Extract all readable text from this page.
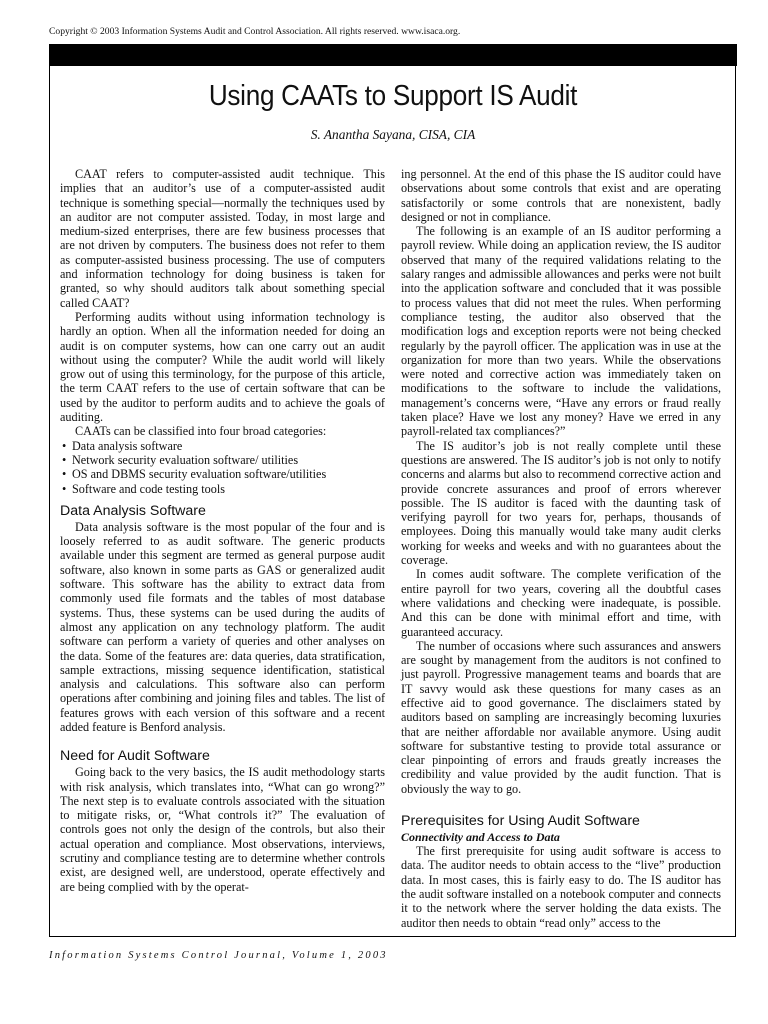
Copyright © 2003 Information Systems Audit and Control Association. All rights reserved. www.isaca.org.
Using CAATs to Support IS Audit
S. Anantha Sayana, CISA, CIA

CAAT refers to computer-assisted audit technique. This implies that an auditor’s use of a computer-assisted audit technique is something special—normally the techniques used by an auditor are not computer assisted. Today, in most large and medium-sized enterprises, there are few business processes that are not driven by computers. The business does not refer to them as computer-assisted business processing. The use of computers and information technology for doing business is taken for granted, so why should auditors talk about something special called CAAT?

Performing audits without using information technology is hardly an option. When all the information needed for doing an audit is on computer systems, how can one carry out an audit without using the computer? While the audit world will likely grow out of using this terminology, for the purpose of this article, the term CAAT refers to the use of certain software that can be used by the auditor to perform audits and to achieve the goals of auditing.

CAATs can be classified into four broad categories:

• Data analysis software
• Network security evaluation software/ utilities
• OS and DBMS security evaluation software/utilities
• Software and code testing tools
Data Analysis Software

Data analysis software is the most popular of the four and is loosely referred to as audit software. The generic products available under this segment are termed as general purpose audit software, also known in some parts as GAS or generalized audit software. This software has the ability to extract data from commonly used file formats and the tables of most database systems. Thus, these systems can be used during the audits of almost any application on any technology platform. The audit software can perform a variety of queries and other analyses on the data. Some of the features are: data queries, data stratification, sample extractions, missing sequence identification, statistical analysis and calculations. This software also can perform operations after combining and joining files and tables. The list of features grows with each version of this software and a recent added feature is Benford analysis.

Need for Audit Software

Going back to the very basics, the IS audit methodology starts with risk analysis, which translates into, “What can go wrong?” The next step is to evaluate controls associated with the situation to mitigate risks, or, “What controls it?” The evaluation of controls goes not only the design of the controls, but also their actual operation and compliance. Most observations, interviews, scrutiny and compliance testing are to determine whether controls exist, are designed well, are understood, operate effectively and are being complied with by the operat-

ing personnel. At the end of this phase the IS auditor could have observations about some controls that exist and are operating satisfactorily or some controls that are nonexistent, badly designed or not in compliance.

The following is an example of an IS auditor performing a payroll review. While doing an application review, the IS auditor observed that many of the required validations relating to the salary ranges and admissible allowances and perks were not built into the application software and concluded that it was possible to process values that did not meet the rules. When performing compliance testing, the auditor also observed that the modification logs and exception reports were not being checked regularly by the payroll officer. The application was in use at the organization for more than two years. While the observations were noted and corrective action was immediately taken on modifications to the software to include the validations, management’s concerns were, “Have any errors or fraud really taken place? Have we lost any money? Have we erred in any payroll-related tax compliances?”

The IS auditor’s job is not really complete until these questions are answered. The IS auditor’s job is not only to notify concerns and alarms but also to recommend corrective action and provide concrete assurances and proof of errors wherever possible. The IS auditor is faced with the daunting task of verifying payroll for two years for, perhaps, thousands of employees. Doing this manually would take many audit clerks working for weeks and weeks and with no guarantees about the coverage.

In comes audit software. The complete verification of the entire payroll for two years, covering all the doubtful cases where validations and checking were inadequate, is possible. And this can be done with minimal effort and time, with guaranteed accuracy.

The number of occasions where such assurances and answers are sought by management from the auditors is not confined to just payroll. Progressive management teams and boards that are IT savvy would ask these questions for many cases as an effective aid to good governance. The disclaimers stated by auditors based on sampling are increasingly becoming luxuries that are neither affordable nor available anymore. Using audit software for substantive testing to provide total assurance or clear pinpointing of errors and frauds greatly increases the credibility and value provided by the audit function. That is obviously the way to go.

Prerequisites for Using Audit Software
Connectivity and Access to Data

The first prerequisite for using audit software is access to data. The auditor needs to obtain access to the “live” production data. In most cases, this is fairly easy to do. The IS auditor has the audit software installed on a notebook computer and connects it to the network where the server holding the data exists. The auditor then needs to obtain “read only” access to the

Information Systems Control Journal, Volume 1, 2003
